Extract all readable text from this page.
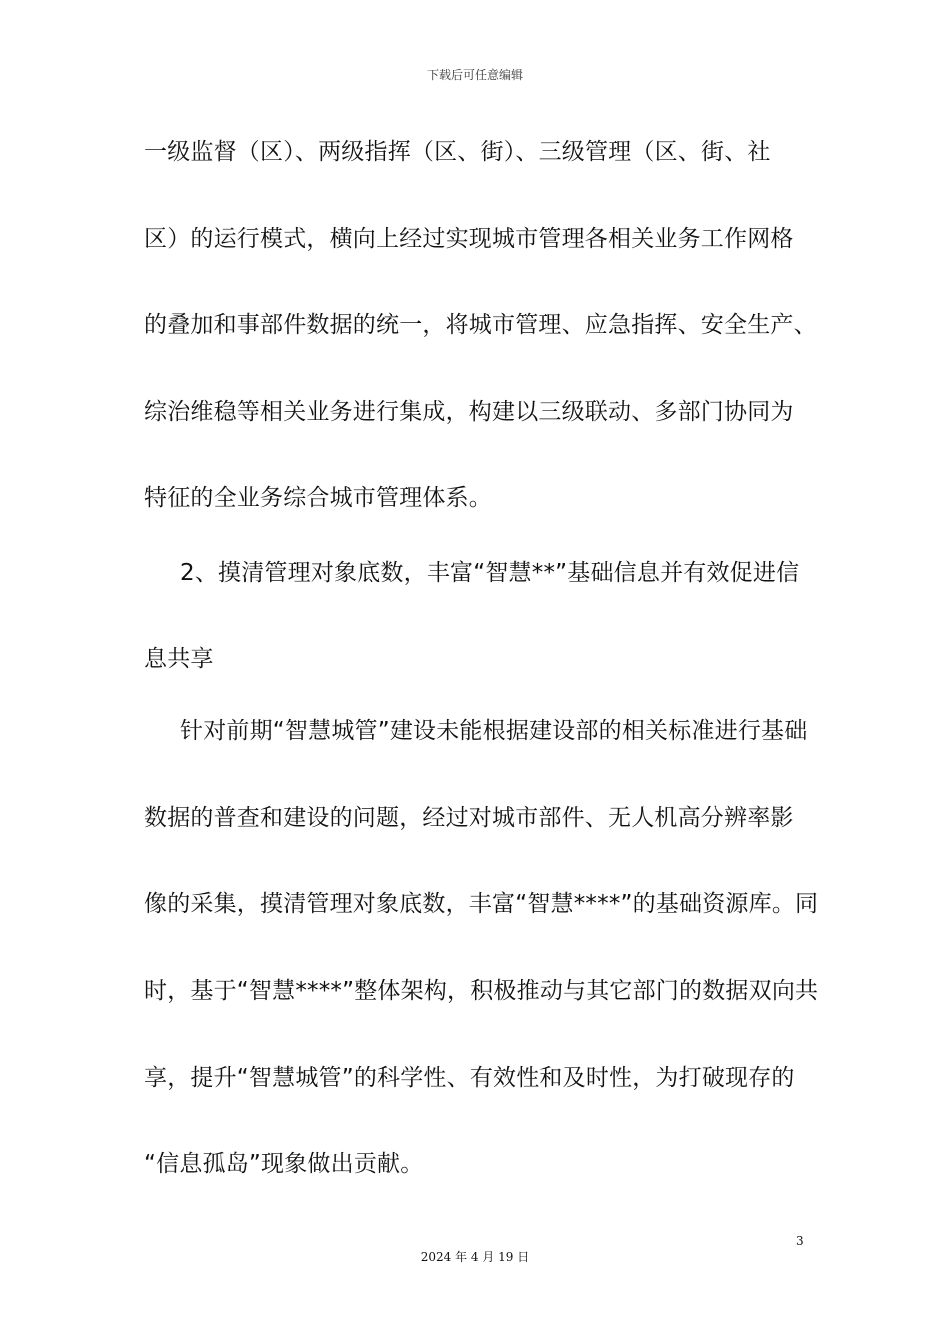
下载后可任意编辑
一级监督（区）、两级指挥（区、街）、三级管理（区、街、社
区）的运行模式，横向上经过实现城市管理各相关业务工作网格
的叠加和事部件数据的统一，将城市管理、应急指挥、安全生产、
综治维稳等相关业务进行集成，构建以三级联动、多部门协同为
特征的全业务综合城市管理体系。
2、摸清管理对象底数，丰富“智慧**”基础信息并有效促进信
息共享
针对前期“智慧城管”建设未能根据建设部的相关标准进行基础
数据的普查和建设的问题，经过对城市部件、无人机高分辨率影
像的采集，摸清管理对象底数，丰富“智慧****”的基础资源库。同
时，基于“智慧****”整体架构，积极推动与其它部门的数据双向共
享，提升“智慧城管”的科学性、有效性和及时性，为打破现存的
“信息孤岛”现象做出贡献。
3
2024 年 4 月 19 日
